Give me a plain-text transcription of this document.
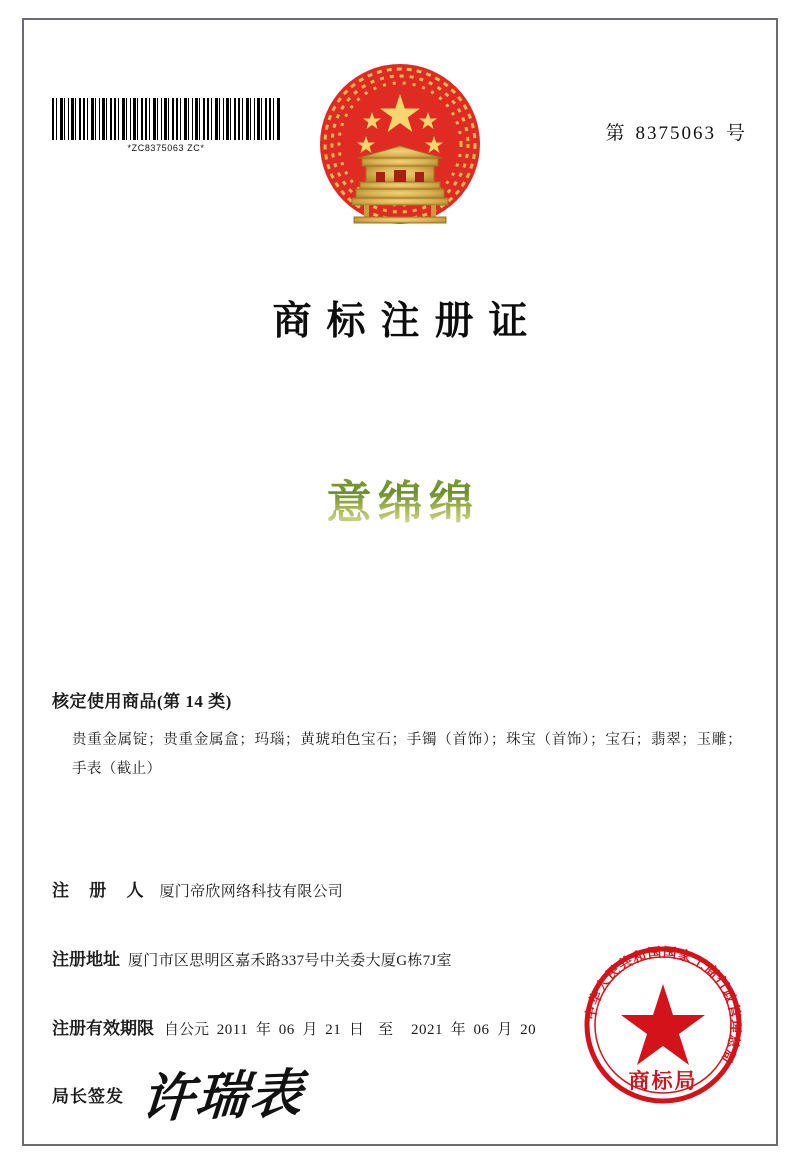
*ZC8375063 ZC*
第 8375063 号
商标注册证
意绵绵
核定使用商品(第 14 类)
贵重金属锭；贵重金属盒；玛瑙；黄琥珀色宝石；手镯（首饰）；珠宝（首饰）；宝石；翡翠；玉雕；手表（截止）
注 册 人 厦门帝欣网络科技有限公司
注册地址 厦门市区思明区嘉禾路337号中关委大厦G栋7J室
注册有效期限 自公元 2011 年 06 月 21 日 至 2021 年 06 月 20
局长签发 许瑞表
中华人民共和国国家工商行政管理总局
商标局
